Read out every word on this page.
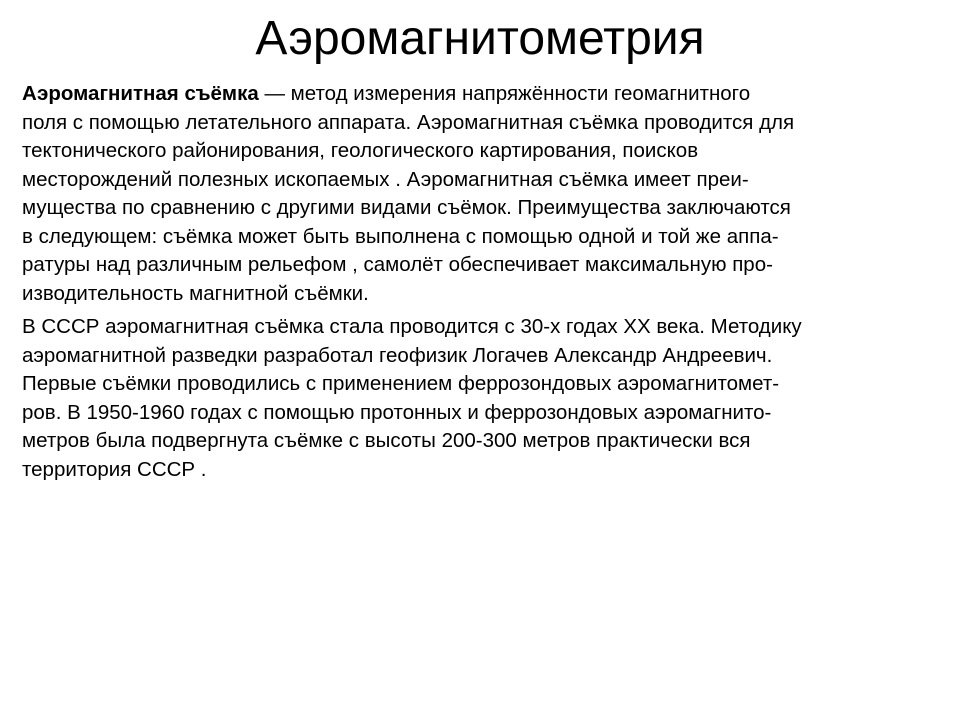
Аэромагнитометрия

Аэромагнитная съёмка — метод измерения напряжённости геомагнитного
поля с помощью летательного аппарата. Аэромагнитная съёмка проводится для
тектонического районирования, геологического картирования, поисков
месторождений полезных ископаемых . Аэромагнитная съёмка имеет преи-
мущества по сравнению с другими видами съёмок. Преимущества заключаются
в следующем: съёмка может быть выполнена с помощью одной и той же аппа-
ратуры над различным рельефом , самолёт обеспечивает максимальную про-
изводительность магнитной съёмки.

В СССР аэромагнитная съёмка стала проводится с 30-х годах XX века. Методику
аэромагнитной разведки разработал геофизик Логачев Александр Андреевич.
Первые съёмки проводились с применением феррозондовых аэромагнитомет-
ров. В 1950-1960 годах с помощью протонных и феррозондовых аэромагнито-
метров была подвергнута съёмке с высоты 200-300 метров практически вся
территория СССР .
